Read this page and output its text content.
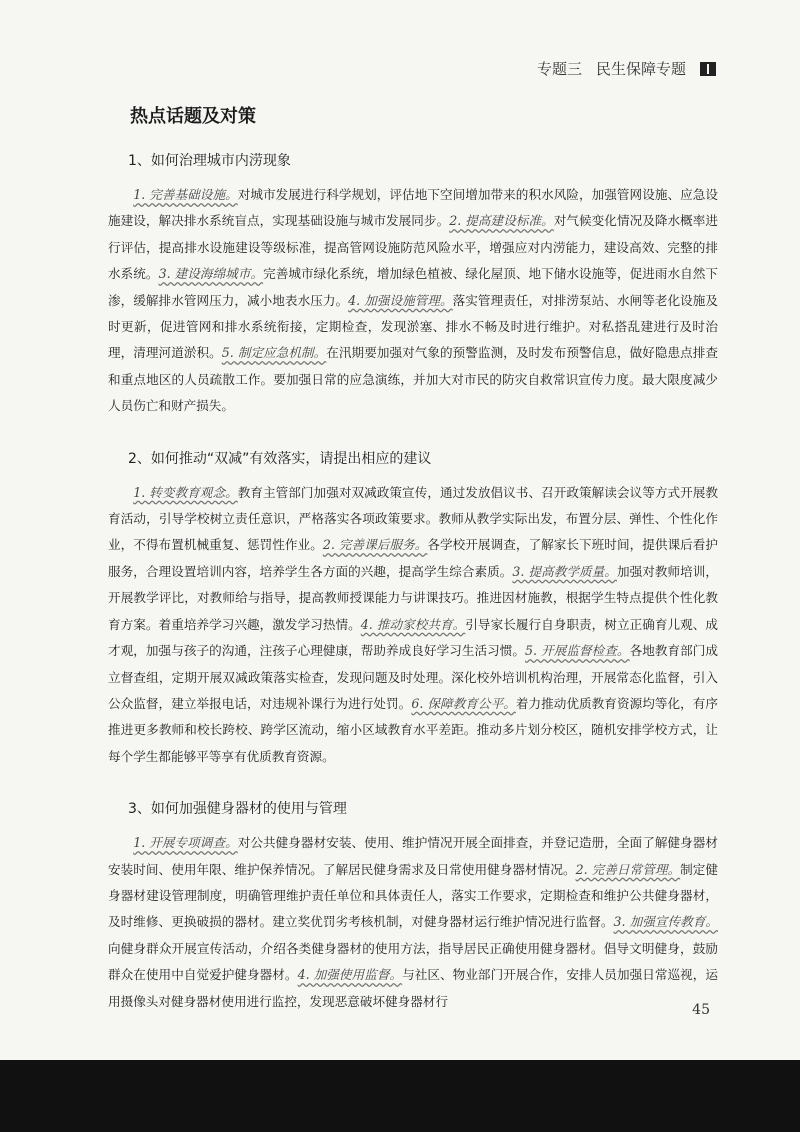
专题三 民生保障专题
热点话题及对策
1、如何治理城市内涝现象

1. 完善基础设施。对城市发展进行科学规划，评估地下空间增加带来的积水风险，加强管网设施、应急设施建设，解决排水系统盲点，实现基础设施与城市发展同步。2. 提高建设标准。对气候变化情况及降水概率进行评估，提高排水设施建设等级标准，提高管网设施防范风险水平，增强应对内涝能力，建设高效、完整的排水系统。3. 建设海绵城市。完善城市绿化系统，增加绿色植被、绿化屋顶、地下储水设施等，促进雨水自然下渗，缓解排水管网压力，减小地表水压力。4. 加强设施管理。落实管理责任，对排涝泵站、水闸等老化设施及时更新，促进管网和排水系统衔接，定期检查，发现淤塞、排水不畅及时进行维护。对私搭乱建进行及时治理，清理河道淤积。5. 制定应急机制。在汛期要加强对气象的预警监测，及时发布预警信息，做好隐患点排查和重点地区的人员疏散工作。要加强日常的应急演练，并加大对市民的防灾自救常识宣传力度。最大限度减少人员伤亡和财产损失。

2、如何推动“双减”有效落实，请提出相应的建议

1. 转变教育观念。教育主管部门加强对双减政策宣传，通过发放倡议书、召开政策解读会议等方式开展教育活动，引导学校树立责任意识，严格落实各项政策要求。教师从教学实际出发，布置分层、弹性、个性化作业，不得布置机械重复、惩罚性作业。2. 完善课后服务。各学校开展调查，了解家长下班时间，提供课后看护服务，合理设置培训内容，培养学生各方面的兴趣，提高学生综合素质。3. 提高教学质量。加强对教师培训，开展教学评比，对教师给与指导，提高教师授课能力与讲课技巧。推进因材施教，根据学生特点提供个性化教育方案。着重培养学习兴趣，激发学习热情。4. 推动家校共育。引导家长履行自身职责，树立正确育儿观、成才观，加强与孩子的沟通，注孩子心理健康，帮助养成良好学习生活习惯。5. 开展监督检查。各地教育部门成立督查组，定期开展双减政策落实检查，发现问题及时处理。深化校外培训机构治理，开展常态化监督，引入公众监督，建立举报电话，对违规补课行为进行处罚。6. 保障教育公平。着力推动优质教育资源均等化，有序推进更多教师和校长跨校、跨学区流动，缩小区域教育水平差距。推动多片划分校区，随机安排学校方式，让每个学生都能够平等享有优质教育资源。

3、如何加强健身器材的使用与管理

1. 开展专项调查。对公共健身器材安装、使用、维护情况开展全面排查，并登记造册，全面了解健身器材安装时间、使用年限、维护保养情况。了解居民健身需求及日常使用健身器材情况。2. 完善日常管理。制定健身器材建设管理制度，明确管理维护责任单位和具体责任人，落实工作要求，定期检查和维护公共健身器材，及时维修、更换破损的器材。建立奖优罚劣考核机制，对健身器材运行维护情况进行监督。3. 加强宣传教育。向健身群众开展宣传活动，介绍各类健身器材的使用方法，指导居民正确使用健身器材。倡导文明健身，鼓励群众在使用中自觉爱护健身器材。4. 加强使用监督。与社区、物业部门开展合作，安排人员加强日常巡视，运用摄像头对健身器材使用进行监控，发现恶意破坏健身器材行

45
